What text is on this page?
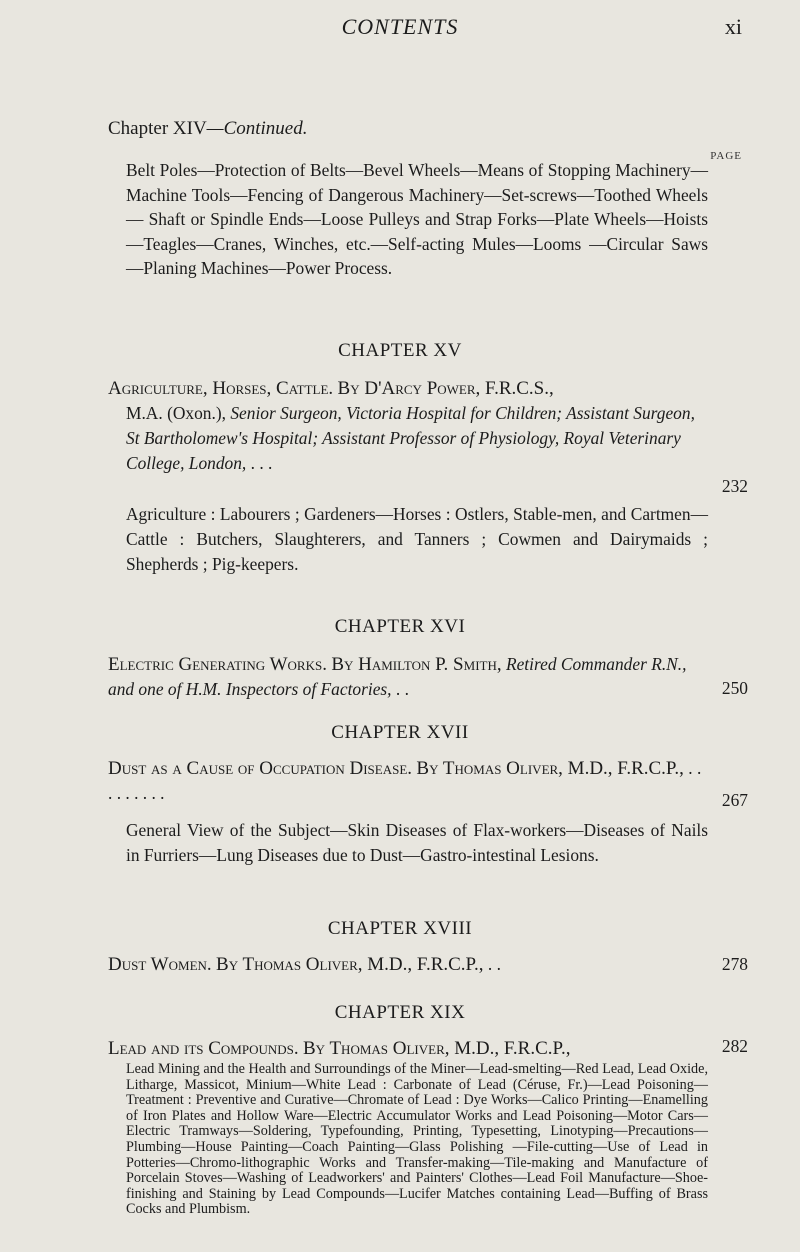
CONTENTS	xi
Chapter XIV—Continued.
PAGE
Belt Poles—Protection of Belts—Bevel Wheels—Means of Stopping Machinery—Machine Tools—Fencing of Dangerous Machinery—Set-screws—Toothed Wheels — Shaft or Spindle Ends—Loose Pulleys and Strap Forks—Plate Wheels—Hoists —Teagles—Cranes, Winches, etc.—Self-acting Mules—Looms —Circular Saws—Planing Machines—Power Process.
CHAPTER XV
Agriculture, Horses, Cattle. By D'Arcy Power, F.R.C.S.,
M.A. (Oxon.), Senior Surgeon, Victoria Hospital for Children; Assistant Surgeon, St Bartholomew's Hospital; Assistant Professor of Physiology, Royal Veterinary College, London, . . .
232
Agriculture : Labourers ; Gardeners—Horses : Ostlers, Stable-men, and Cartmen—Cattle : Butchers, Slaughterers, and Tanners ; Cowmen and Dairymaids ; Shepherds ; Pig-keepers.
CHAPTER XVI
Electric Generating Works. By Hamilton P. Smith, Retired Commander R.N., and one of H.M. Inspectors of Factories, . .	250
CHAPTER XVII
Dust as a Cause of Occupation Disease. By Thomas Oliver, M.D., F.R.C.P., . . . . . . . . .	267
General View of the Subject—Skin Diseases of Flax-workers—Diseases of Nails in Furriers—Lung Diseases due to Dust—Gastro-intestinal Lesions.
CHAPTER XVIII
Dust Women. By Thomas Oliver, M.D., F.R.C.P., . .	278
CHAPTER XIX
Lead and its Compounds. By Thomas Oliver, M.D., F.R.C.P.,	282
Lead Mining and the Health and Surroundings of the Miner—Lead-smelting—Red Lead, Lead Oxide, Litharge, Massicot, Minium—White Lead : Carbonate of Lead (Céruse, Fr.)—Lead Poisoning—Treatment : Preventive and Curative—Chromate of Lead : Dye Works—Calico Printing—Enamelling of Iron Plates and Hollow Ware—Electric Accumulator Works and Lead Poisoning—Motor Cars—Electric Tramways—Soldering, Typefounding, Printing, Typesetting, Linotyping—Precautions—Plumbing—House Painting—Coach Painting—Glass Polishing —File-cutting—Use of Lead in Potteries—Chromo-lithographic Works and Transfer-making—Tile-making and Manufacture of Porcelain Stoves—Washing of Leadworkers' and Painters' Clothes—Lead Foil Manufacture—Shoe-finishing and Staining by Lead Compounds—Lucifer Matches containing Lead—Buffing of Brass Cocks and Plumbism.
